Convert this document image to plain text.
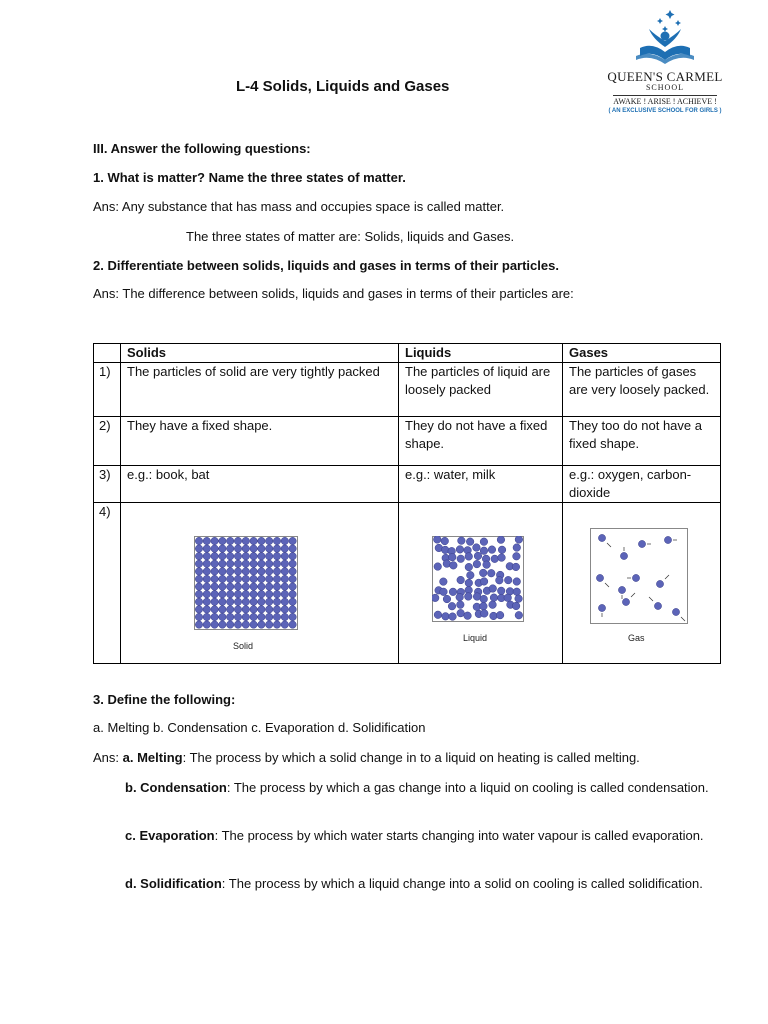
QUEEN'S CARMEL
SCHOOL
AWAKE ! ARISE ! ACHIEVE !
( AN EXCLUSIVE SCHOOL FOR GIRLS )
L-4 Solids, Liquids and Gases
III. Answer the following questions:
1. What is matter? Name the three states of matter.
Ans: Any substance that has mass and occupies space is called matter.
The three states of matter are: Solids, liquids and Gases.
2. Differentiate between solids, liquids and gases in terms of their particles.
Ans: The difference between solids, liquids and gases in terms of their particles are:
	Solids	Liquids	Gases
1)	The particles of solid are very tightly packed	The particles of liquid are loosely packed	The particles of gases are very loosely packed.
2)	They have a fixed shape.	They do not have a fixed shape.	They too do not have a fixed shape.
3)	e.g.: book, bat	e.g.: water, milk	e.g.: oxygen, carbon-dioxide
4)	Solid	Liquid	Gas
3. Define the following:
a. Melting b. Condensation c. Evaporation d. Solidification
Ans: a. Melting: The process by which a solid change in to a liquid on heating is called melting.
b. Condensation: The process by which a gas change into a liquid on cooling is called condensation.
c. Evaporation: The process by which water starts changing into water vapour is called evaporation.
d. Solidification: The process by which a liquid change into a solid on cooling is called solidification.
